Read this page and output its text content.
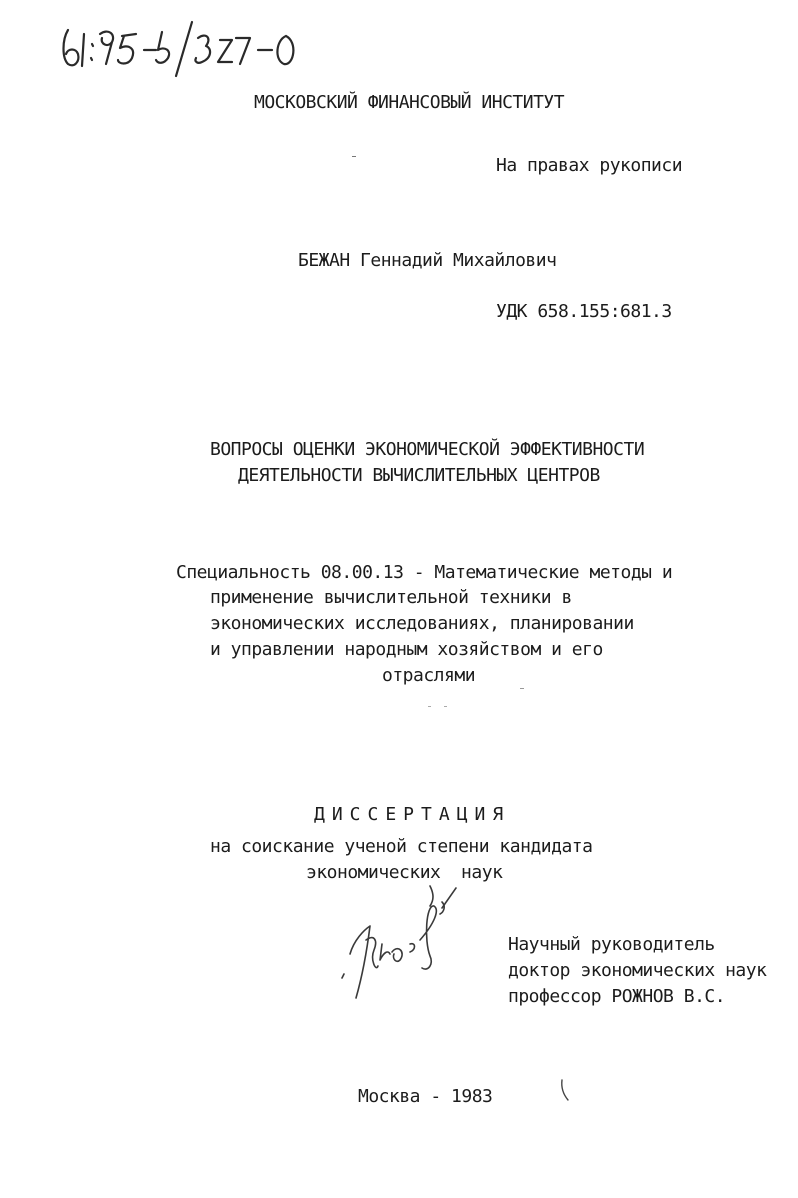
МОСКОВСКИЙ ФИНАНСОВЫЙ ИНСТИТУТ
На правах рукописи
БЕЖАН Геннадий Михайлович
УДК 658.155:681.3
ВОПРОСЫ ОЦЕНКИ ЭКОНОМИЧЕСКОЙ ЭФФЕКТИВНОСТИ
ДЕЯТЕЛЬНОСТИ ВЫЧИСЛИТЕЛЬНЫХ ЦЕНТРОВ
Специальность 08.00.13 - Математические методы и
применение вычислительной техники в
экономических исследованиях, планировании
и управлении народным хозяйством и его
отраслями
ДИССЕРТАЦИЯ
на соискание ученой степени кандидата
экономических  наук
Научный руководитель
доктор экономических наук
профессор РОЖНОВ В.С.
Москва - 1983
